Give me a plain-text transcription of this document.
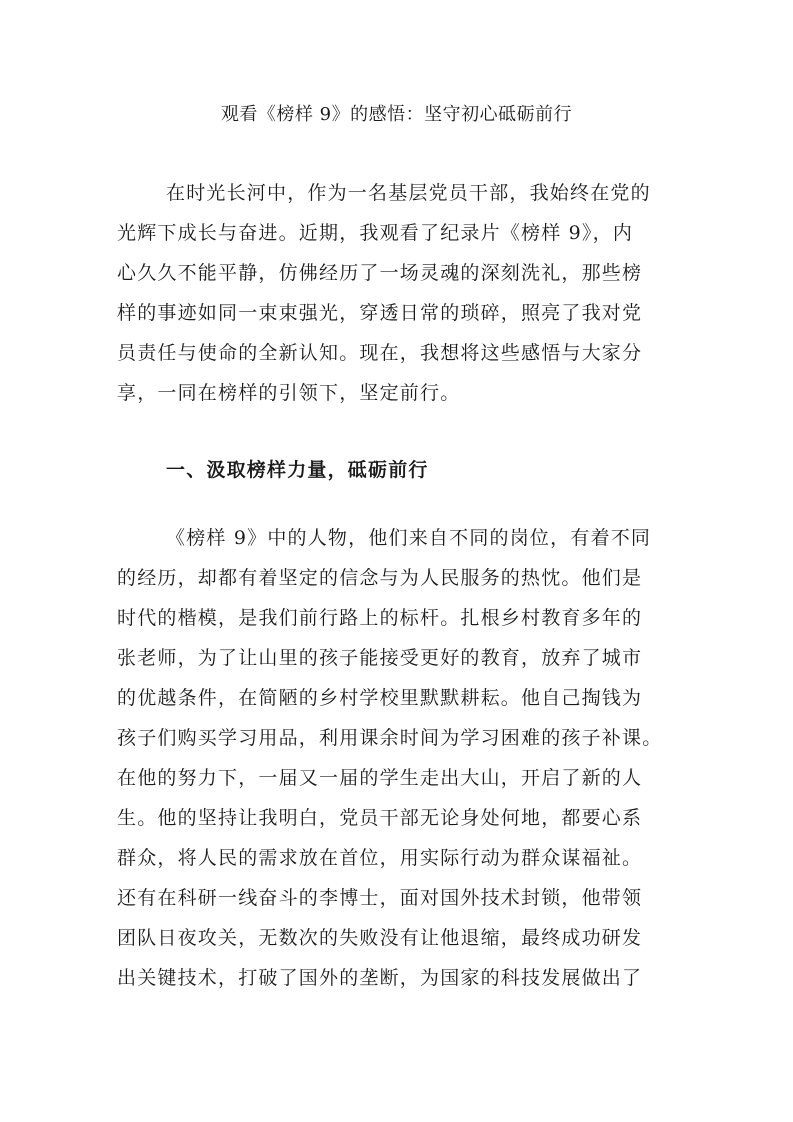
观看《榜样 9》的感悟：坚守初心砥砺前行
在时光长河中，作为一名基层党员干部，我始终在党的
光辉下成长与奋进。近期，我观看了纪录片《榜样 9》，内
心久久不能平静，仿佛经历了一场灵魂的深刻洗礼，那些榜
样的事迹如同一束束强光，穿透日常的琐碎，照亮了我对党
员责任与使命的全新认知。现在，我想将这些感悟与大家分
享，一同在榜样的引领下，坚定前行。
一、汲取榜样力量，砥砺前行
《榜样 9》中的人物，他们来自不同的岗位，有着不同
的经历，却都有着坚定的信念与为人民服务的热忱。他们是
时代的楷模，是我们前行路上的标杆。扎根乡村教育多年的
张老师，为了让山里的孩子能接受更好的教育，放弃了城市
的优越条件，在简陋的乡村学校里默默耕耘。他自己掏钱为
孩子们购买学习用品，利用课余时间为学习困难的孩子补课。
在他的努力下，一届又一届的学生走出大山，开启了新的人
生。他的坚持让我明白，党员干部无论身处何地，都要心系
群众，将人民的需求放在首位，用实际行动为群众谋福祉。
还有在科研一线奋斗的李博士，面对国外技术封锁，他带领
团队日夜攻关，无数次的失败没有让他退缩，最终成功研发
出关键技术，打破了国外的垄断，为国家的科技发展做出了
